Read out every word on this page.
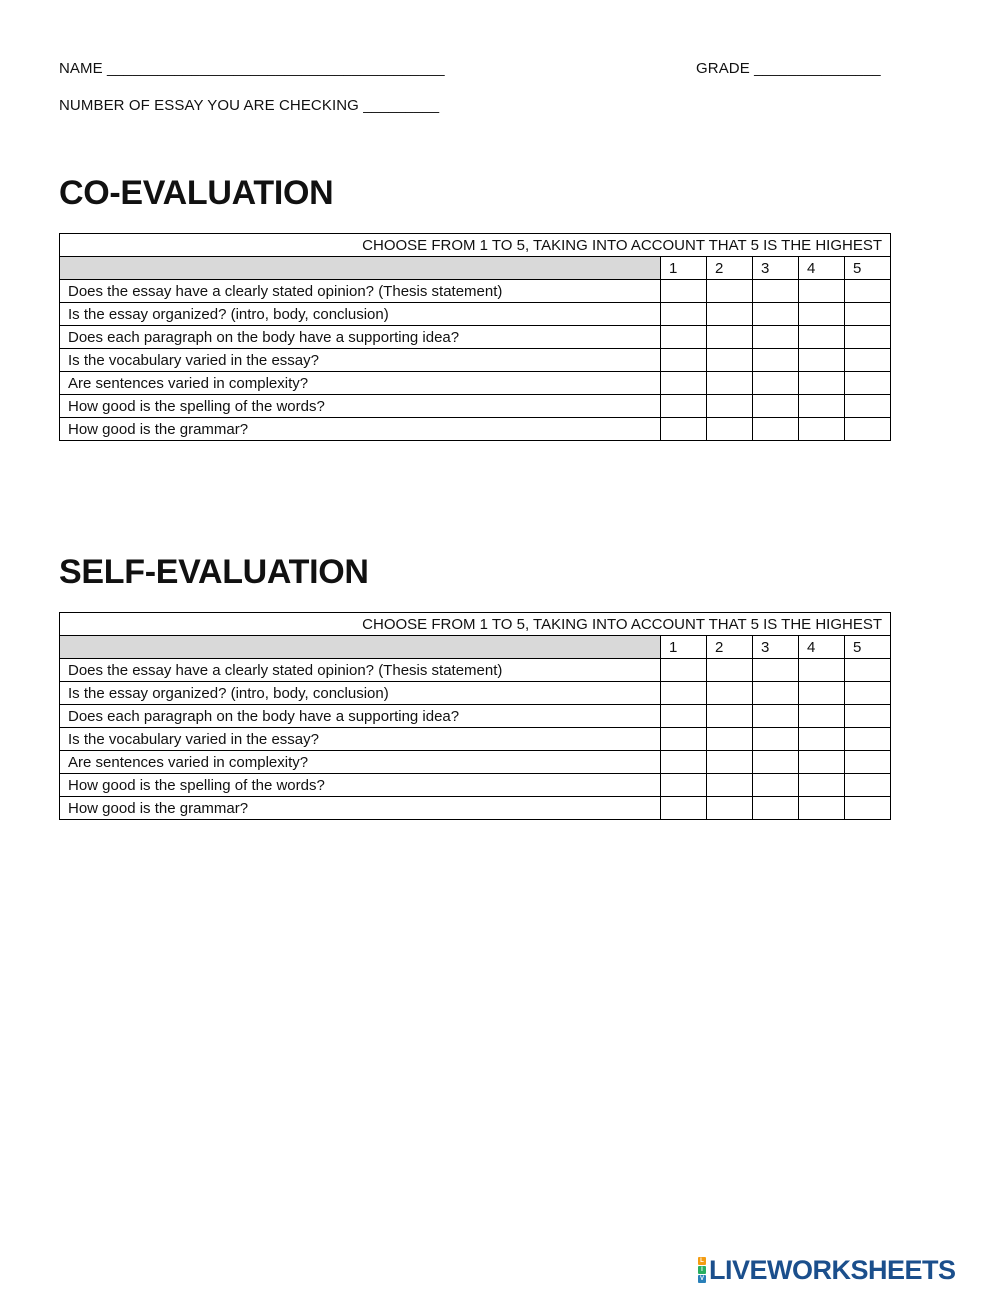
NAME ________________________________________	GRADE _______________
NUMBER OF ESSAY YOU ARE CHECKING _________
CO-EVALUATION
CHOOSE FROM 1 TO 5, TAKING INTO ACCOUNT THAT 5 IS THE HIGHEST					
	1	2	3	4	5
Does the essay have a clearly stated opinion? (Thesis statement)					
Is the essay organized? (intro, body, conclusion)					
Does each paragraph on the body have a supporting idea?					
Is the vocabulary varied in the essay?					
Are sentences varied in complexity?					
How good is the spelling of the words?					
How good is the grammar?					
SELF-EVALUATION
CHOOSE FROM 1 TO 5, TAKING INTO ACCOUNT THAT 5 IS THE HIGHEST					
	1	2	3	4	5
Does the essay have a clearly stated opinion? (Thesis statement)					
Is the essay organized? (intro, body, conclusion)					
Does each paragraph on the body have a supporting idea?					
Is the vocabulary varied in the essay?					
Are sentences varied in complexity?					
How good is the spelling of the words?					
How good is the grammar?					
L
I
V LIVEWORKSHEETS
